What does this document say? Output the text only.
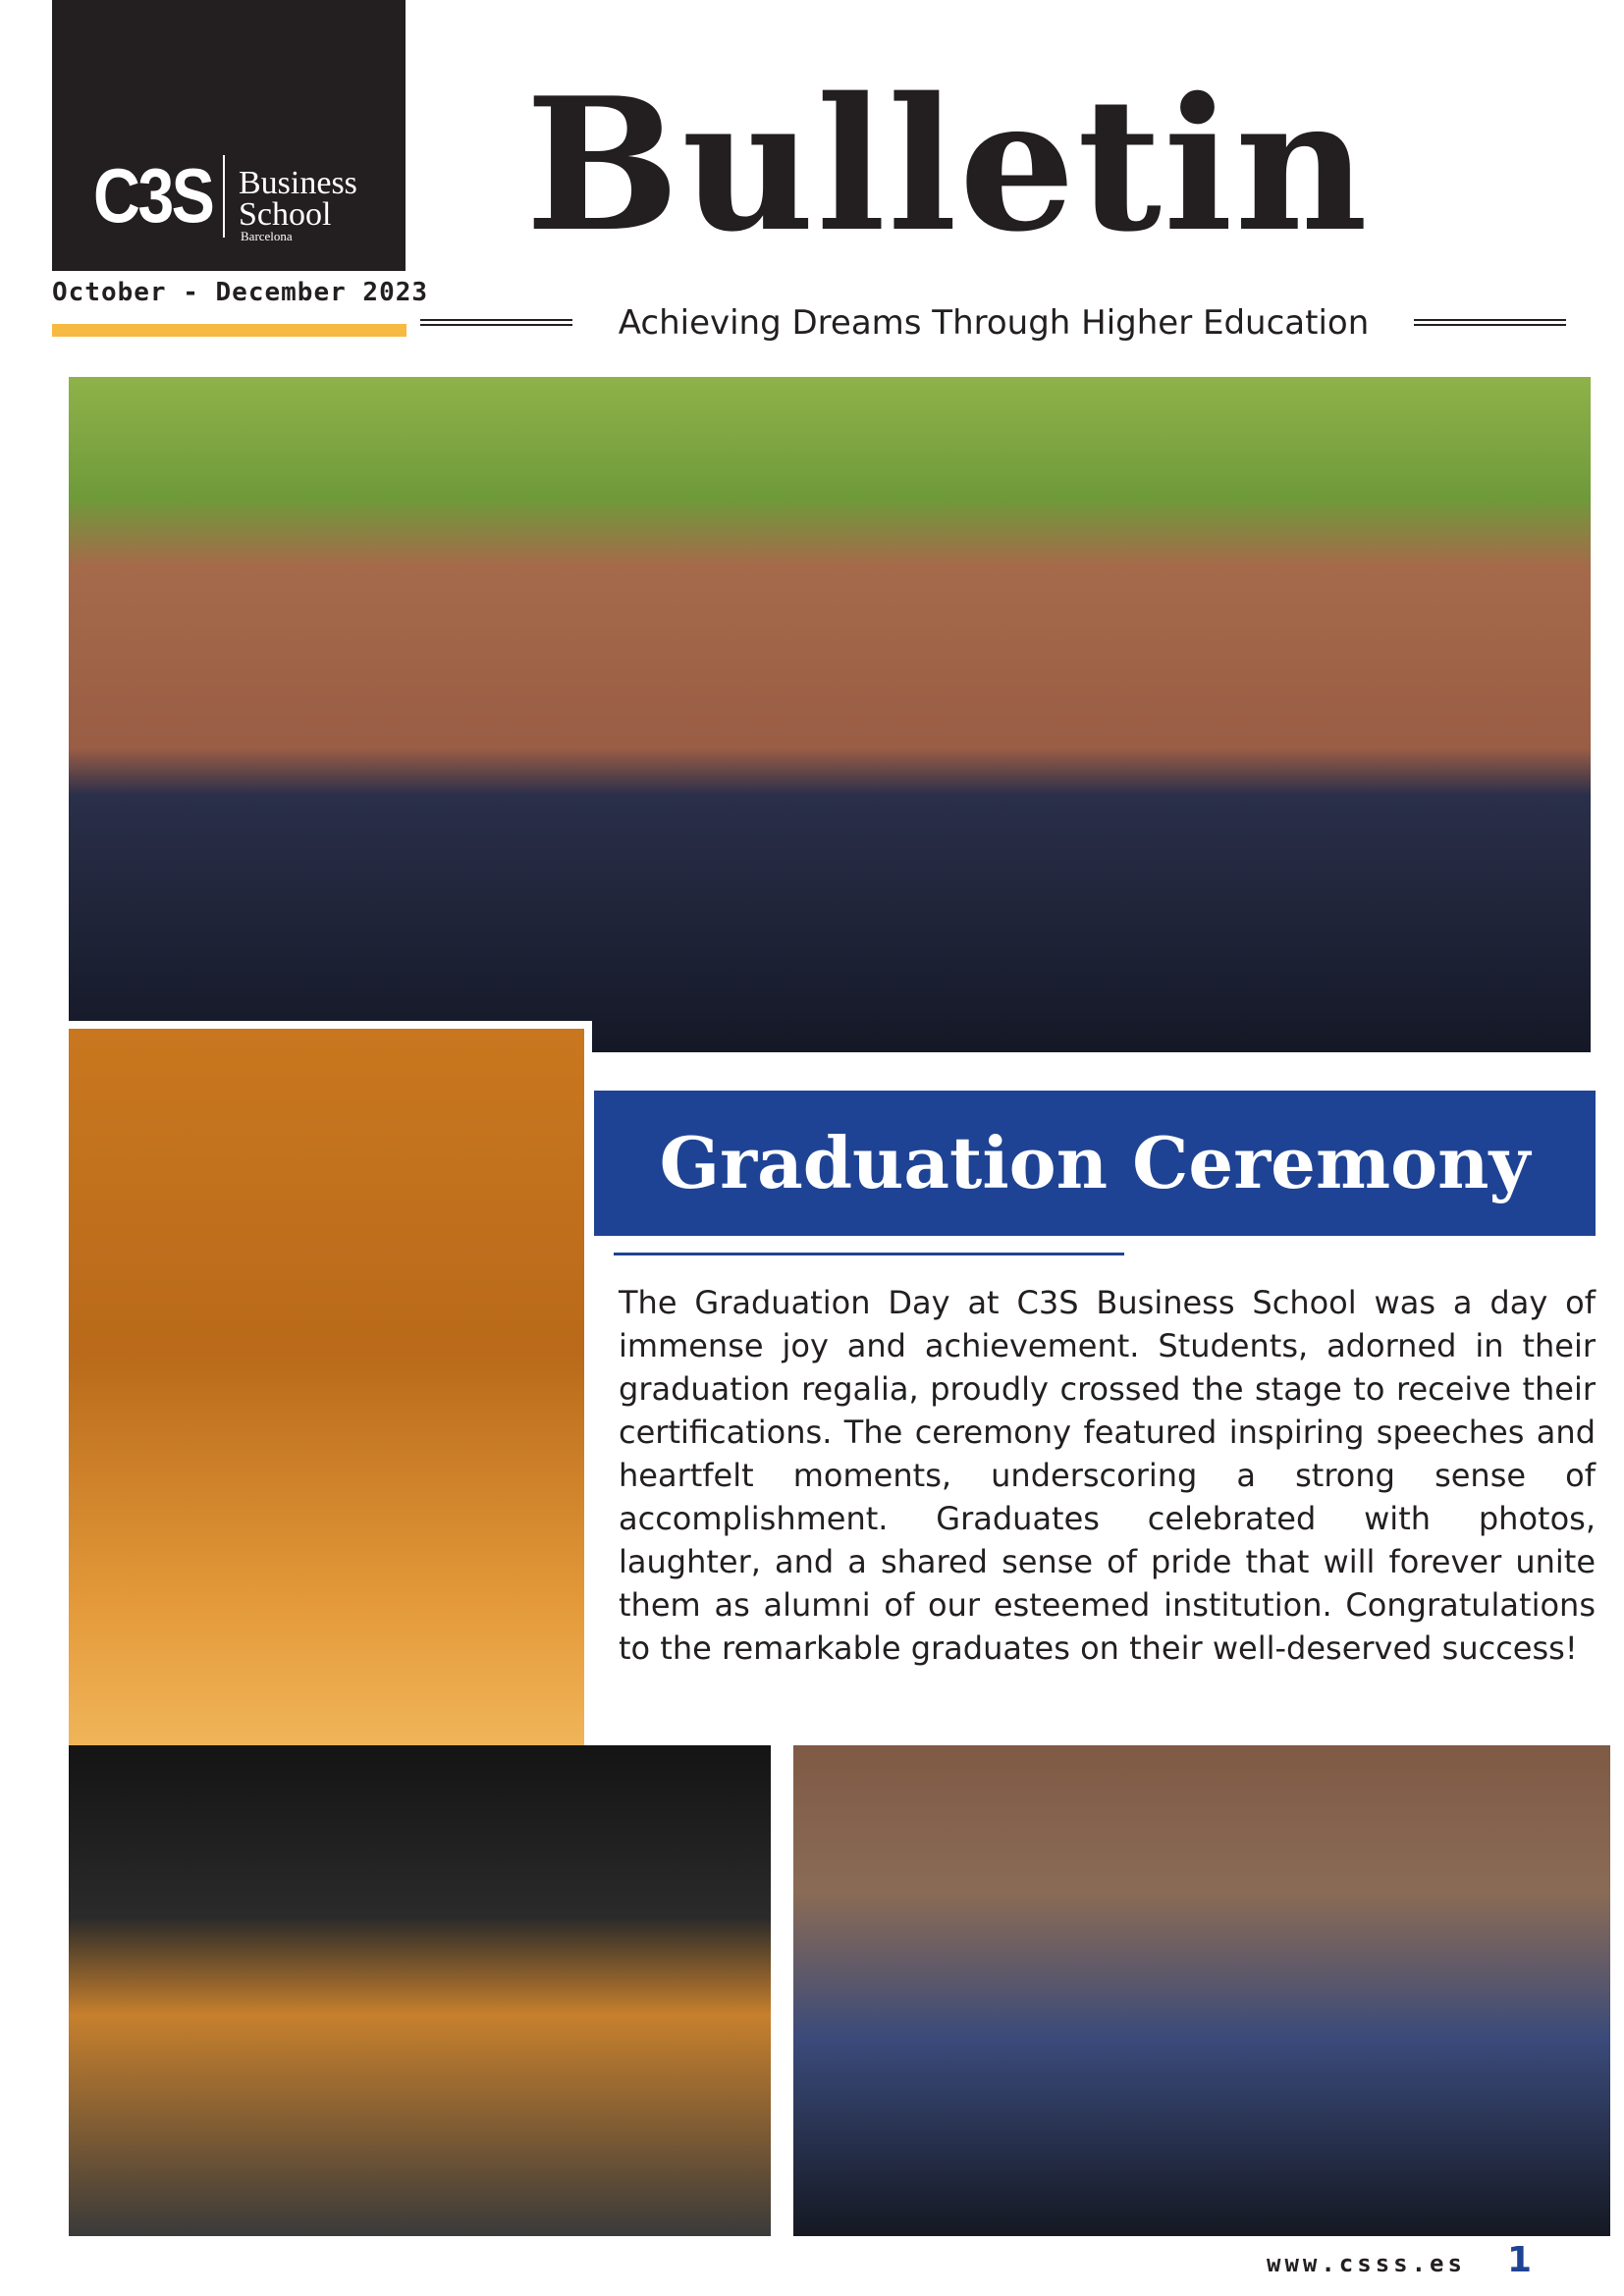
C3S Business
School
Barcelona
October - December 2023
Bulletin
Achieving Dreams Through Higher Education
Graduation Ceremony
The Graduation Day at C3S Business School was a day of immense joy and achievement. Students, adorned in their graduation regalia, proudly crossed the stage to receive their certifications. The ceremony featured inspiring speeches and heartfelt moments, underscoring a strong sense of accomplishment. Graduates celebrated with photos, laughter, and a shared sense of pride that will forever unite them as alumni of our esteemed institution. Congratulations to the remarkable graduates on their well-deserved success!
www.csss.es 1
